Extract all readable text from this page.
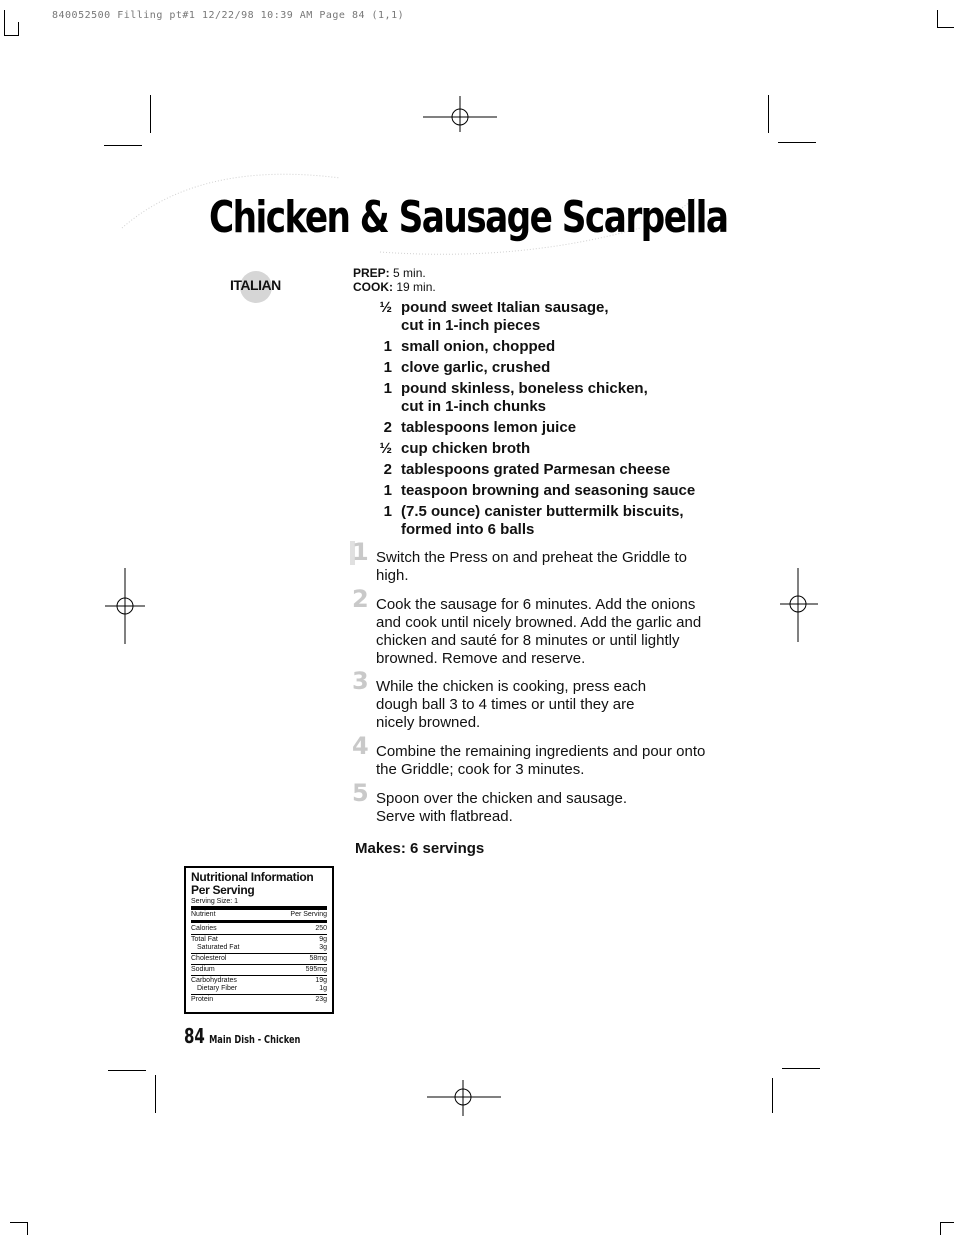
840052500 Filling pt#1 12/22/98 10:39 AM Page 84 (1,1)
Chicken & Sausage Scarpella
ITALIAN
PREP: 5 min.
COOK: 19 min.
½ pound sweet Italian sausage, cut in 1-inch pieces
1 small onion, chopped
1 clove garlic, crushed
1 pound skinless, boneless chicken, cut in 1-inch chunks
2 tablespoons lemon juice
½ cup chicken broth
2 tablespoons grated Parmesan cheese
1 teaspoon browning and seasoning sauce
1 (7.5 ounce) canister buttermilk biscuits, formed into 6 balls
1 Switch the Press on and preheat the Griddle to high.
2 Cook the sausage for 6 minutes. Add the onions and cook until nicely browned. Add the garlic and chicken and sauté for 8 minutes or until lightly browned. Remove and reserve.
3 While the chicken is cooking, press each dough ball 3 to 4 times or until they are nicely browned.
4 Combine the remaining ingredients and pour onto the Griddle; cook for 3 minutes.
5 Spoon over the chicken and sausage. Serve with flatbread.
Makes: 6 servings
Nutritional Information
Per Serving
Serving Size: 1
Nutrient	Per Serving
Calories	250
Total Fat	9g
Saturated Fat	3g
Cholesterol	58mg
Sodium	595mg
Carbohydrates	19g
Dietary Fiber	1g
Protein	23g
84 Main Dish - Chicken
